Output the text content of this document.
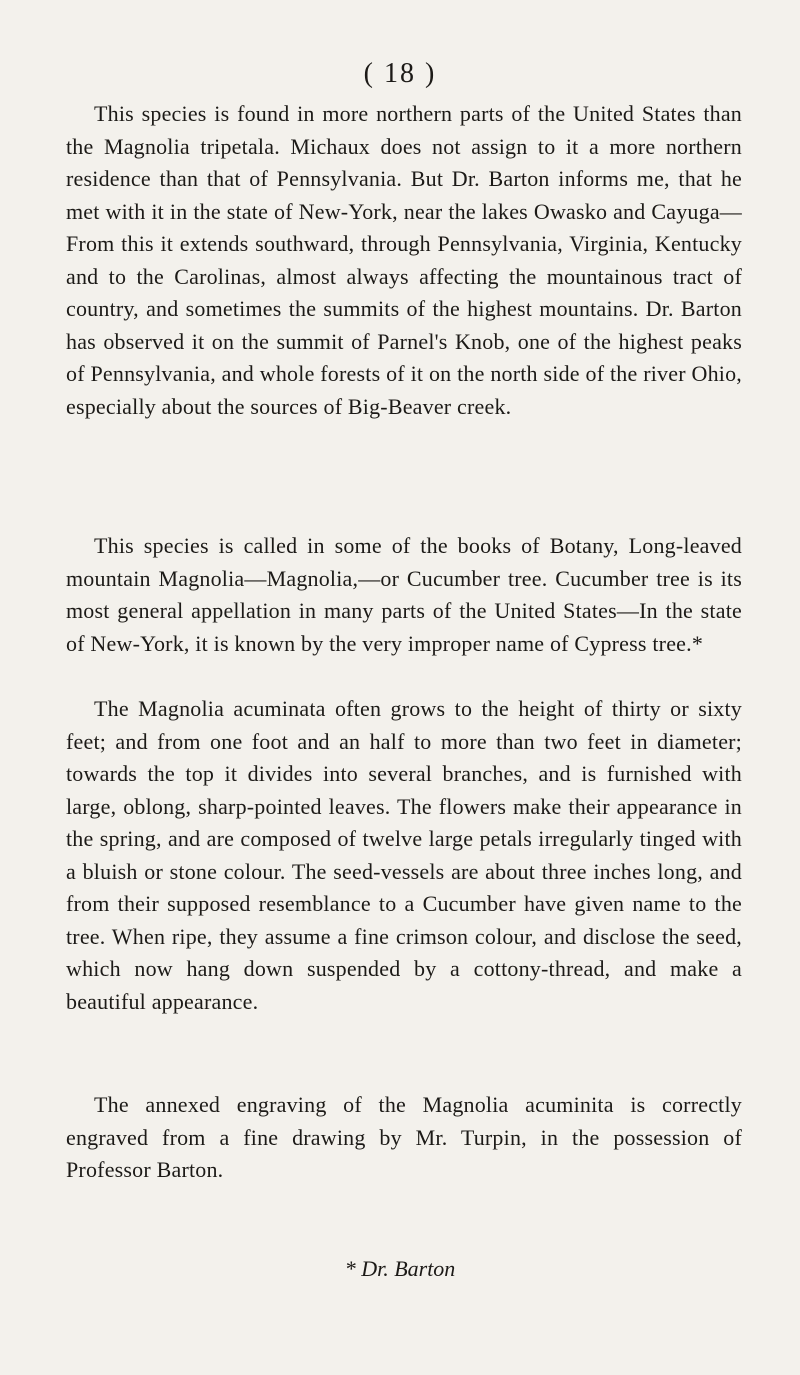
( 18 )

This species is found in more northern parts of the United States than the Magnolia tripetala. Michaux does not assign to it a more northern residence than that of Pennsylvania. But Dr. Barton informs me, that he met with it in the state of New-York, near the lakes Owasko and Cayuga—From this it extends southward, through Pennsylvania, Virginia, Kentucky and to the Carolinas, almost always affecting the mountainous tract of country, and sometimes the summits of the highest mountains. Dr. Barton has observed it on the summit of Parnel's Knob, one of the highest peaks of Pennsylvania, and whole forests of it on the north side of the river Ohio, especially about the sources of Big-Beaver creek.

This species is called in some of the books of Botany, Long-leaved mountain Magnolia—Magnolia,—or Cucumber tree. Cucumber tree is its most general appellation in many parts of the United States—In the state of New-York, it is known by the very improper name of Cypress tree.*

The Magnolia acuminata often grows to the height of thirty or sixty feet; and from one foot and an half to more than two feet in diameter; towards the top it divides into several branches, and is furnished with large, oblong, sharp-pointed leaves. The flowers make their appearance in the spring, and are composed of twelve large petals irregularly tinged with a bluish or stone colour. The seed-vessels are about three inches long, and from their supposed resemblance to a Cucumber have given name to the tree. When ripe, they assume a fine crimson colour, and disclose the seed, which now hang down suspended by a cottony-thread, and make a beautiful appearance.

The annexed engraving of the Magnolia acuminita is correctly engraved from a fine drawing by Mr. Turpin, in the possession of Professor Barton.

* Dr. Barton
